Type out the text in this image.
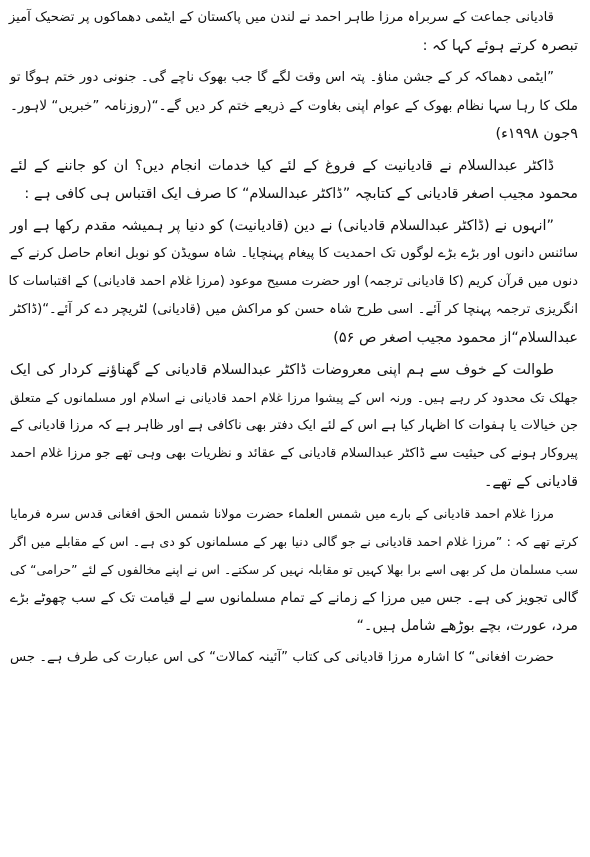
قادیانی جماعت کے سربراہ مرزا طاہر احمد نے لندن میں پاکستان کے ایٹمی دھماکوں پر تضحیک آمیز
تبصرہ کرتے ہوئے کہا کہ :
”ایٹمی دھماکہ کر کے جشن مناؤ۔ پتہ اس وقت لگے گا جب بھوک ناچے گی۔ جنونی دور ختم ہوگا تو
ملک کا رہا سہا نظام بھوک کے عوام اپنی بغاوت کے ذریعے ختم کر دیں گے۔“(روزنامہ ”خبریں“ لاہور۔
۹جون ۱۹۹۸ء)
ڈاکٹر عبدالسلام نے قادیانیت کے فروغ کے لئے کیا خدمات انجام دیں؟ ان کو جاننے کے لئے
محمود مجیب اصغر قادیانی کے کتابچہ ”ڈاکٹر عبدالسلام“ کا صرف ایک اقتباس ہی کافی ہے :
”انہوں نے (ڈاکٹر عبدالسلام قادیانی) نے دین (قادیانیت) کو دنیا پر ہمیشہ مقدم رکھا ہے اور
سائنس دانوں اور بڑے بڑے لوگوں تک احمدیت کا پیغام پہنچایا۔ شاہ سویڈن کو نوبل انعام حاصل کرنے کے
دنوں میں قرآن کریم (کا قادیانی ترجمہ) اور حضرت مسیح موعود (مرزا غلام احمد قادیانی) کے اقتباسات کا
انگریزی ترجمہ پہنچا کر آئے۔ اسی طرح شاہ حسن کو مراکش میں (قادیانی) لٹریچر دے کر آئے۔“(ڈاکٹر
عبدالسلام“از محمود مجیب اصغر ص ۵۶)
طوالت کے خوف سے ہم اپنی معروضات ڈاکٹر عبدالسلام قادیانی کے گھناؤنے کردار کی ایک
جھلک تک محدود کر رہے ہیں۔ ورنہ اس کے پیشوا مرزا غلام احمد قادیانی نے اسلام اور مسلمانوں کے متعلق
جن خیالات یا ہفوات کا اظہار کیا ہے اس کے لئے ایک دفتر بھی ناکافی ہے اور ظاہر ہے کہ مرزا قادیانی کے
پیروکار ہونے کی حیثیت سے ڈاکٹر عبدالسلام قادیانی کے عقائد و نظریات بھی وہی تھے جو مرزا غلام احمد
قادیانی کے تھے۔
مرزا غلام احمد قادیانی کے بارے میں شمس العلماء حضرت مولانا شمس الحق افغانی قدس سرہ فرمایا
کرتے تھے کہ : ”مرزا غلام احمد قادیانی نے جو گالی دنیا بھر کے مسلمانوں کو دی ہے۔ اس کے مقابلے میں اگر
سب مسلمان مل کر بھی اسے برا بھلا کہیں تو مقابلہ نہیں کر سکتے۔ اس نے اپنے مخالفوں کے لئے ”حرامی“ کی
گالی تجویز کی ہے۔ جس میں مرزا کے زمانے کے تمام مسلمانوں سے لے قیامت تک کے سب چھوٹے بڑے
مرد، عورت، بچے بوڑھے شامل ہیں۔“
حضرت افغانی“ کا اشارہ مرزا قادیانی کی کتاب ”آئینہ کمالات“ کی اس عبارت کی طرف ہے۔ جس
